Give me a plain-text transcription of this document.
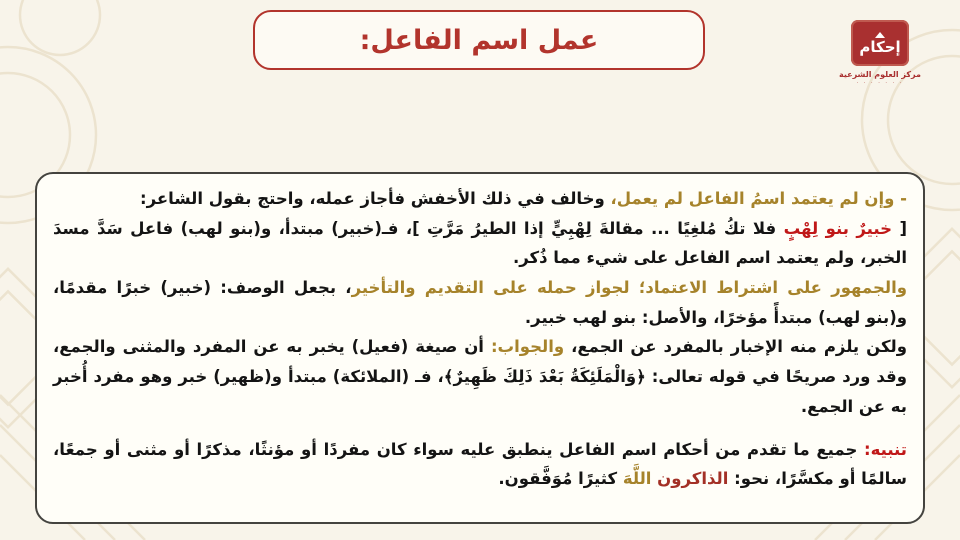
عمل اسم الفاعل:	إحكام
مركز العلوم الشرعية
· · · · · · ·

- وإن لم يعتمد اسمُ الفاعل لم يعمل، وخالف في ذلك الأخفش فأجاز عمله، واحتج بقول الشاعر:

[ خبيرٌ بنو لِهْبٍ فلا تكُ مُلغِيًا ... مقالةَ لِهْبِيٍّ إذا الطيرُ مَرَّتِ ]، فـ(خبير) مبتدأ، و(بنو لهب) فاعل سَدَّ مسدَ الخبر، ولم يعتمد اسم الفاعل على شيء مما ذُكر.

والجمهور على اشتراط الاعتماد؛ لجواز حمله على التقديم والتأخير، بجعل الوصف: (خبير) خبرًا مقدمًا، و(بنو لهب) مبتدأً مؤخرًا، والأصل: بنو لهب خبير.

ولكن يلزم منه الإخبار بالمفرد عن الجمع، والجواب: أن صيغة (فعيل) يخبر به عن المفرد والمثنى والجمع، وقد ورد صريحًا في قوله تعالى: ﴿وَالْمَلَئِكَةُ بَعْدَ ذَلِكَ ظَهِيرٌ﴾، فـ (الملائكة) مبتدأ و(ظهير) خبر وهو مفرد أُخبر به عن الجمع.

تنبيه: جميع ما تقدم من أحكام اسم الفاعل ينطبق عليه سواء كان مفردًا أو مؤنثًا، مذكرًا أو مثنى أو جمعًا، سالمًا أو مكسَّرًا، نحو: الذاكرون اللَّهَ كثيرًا مُوَفَّقون.
